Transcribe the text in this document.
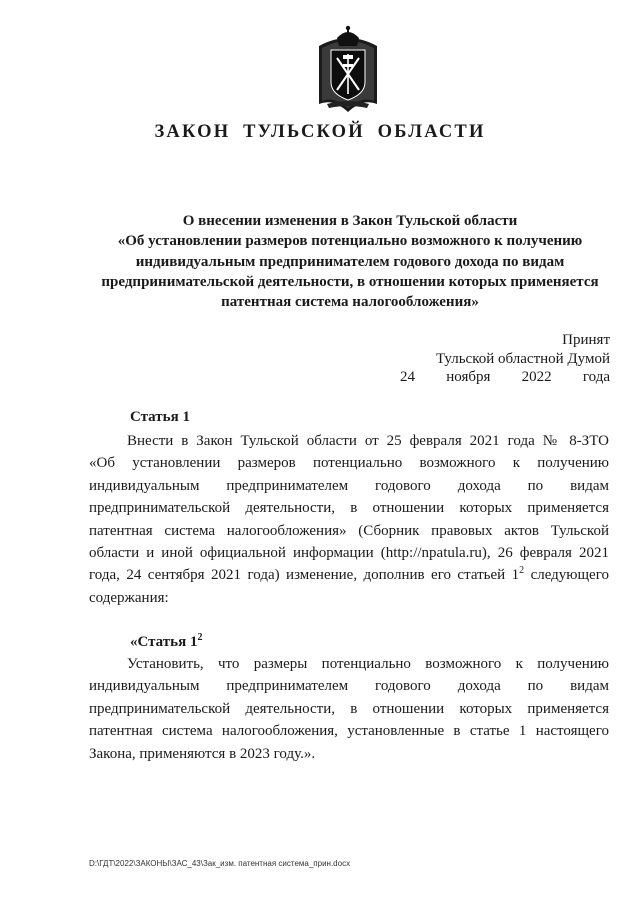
ЗАКОН ТУЛЬСКОЙ ОБЛАСТИ
О внесении изменения в Закон Тульской области
«Об установлении размеров потенциально возможного к получению
индивидуальным предпринимателем годового дохода по видам
предпринимательской деятельности, в отношении которых применяется
патентная система налогообложения»
Принят
Тульской областной Думой
24 ноября 2022 года
Статья 1
Внести в Закон Тульской области от 25 февраля 2021 года № 8-ЗТО
«Об установлении размеров потенциально возможного к получению
индивидуальным предпринимателем годового дохода по видам
предпринимательской деятельности, в отношении которых применяется
патентная система налогообложения» (Сборник правовых актов Тульской
области и иной официальной информации (http://npatula.ru), 26 февраля 2021
года, 24 сентября 2021 года) изменение, дополнив его статьей $1^2$ следующего
содержания:
«Статья $1^2$
Установить, что размеры потенциально возможного к получению
индивидуальным предпринимателем годового дохода по видам
предпринимательской деятельности, в отношении которых применяется
патентная система налогообложения, установленные в статье 1 настоящего
Закона, применяются в 2023 году.».
D:\ГДТ\2022\ЗАКОНЫ\ЗАС_43\Зак_изм. патентная система_прин.docx
